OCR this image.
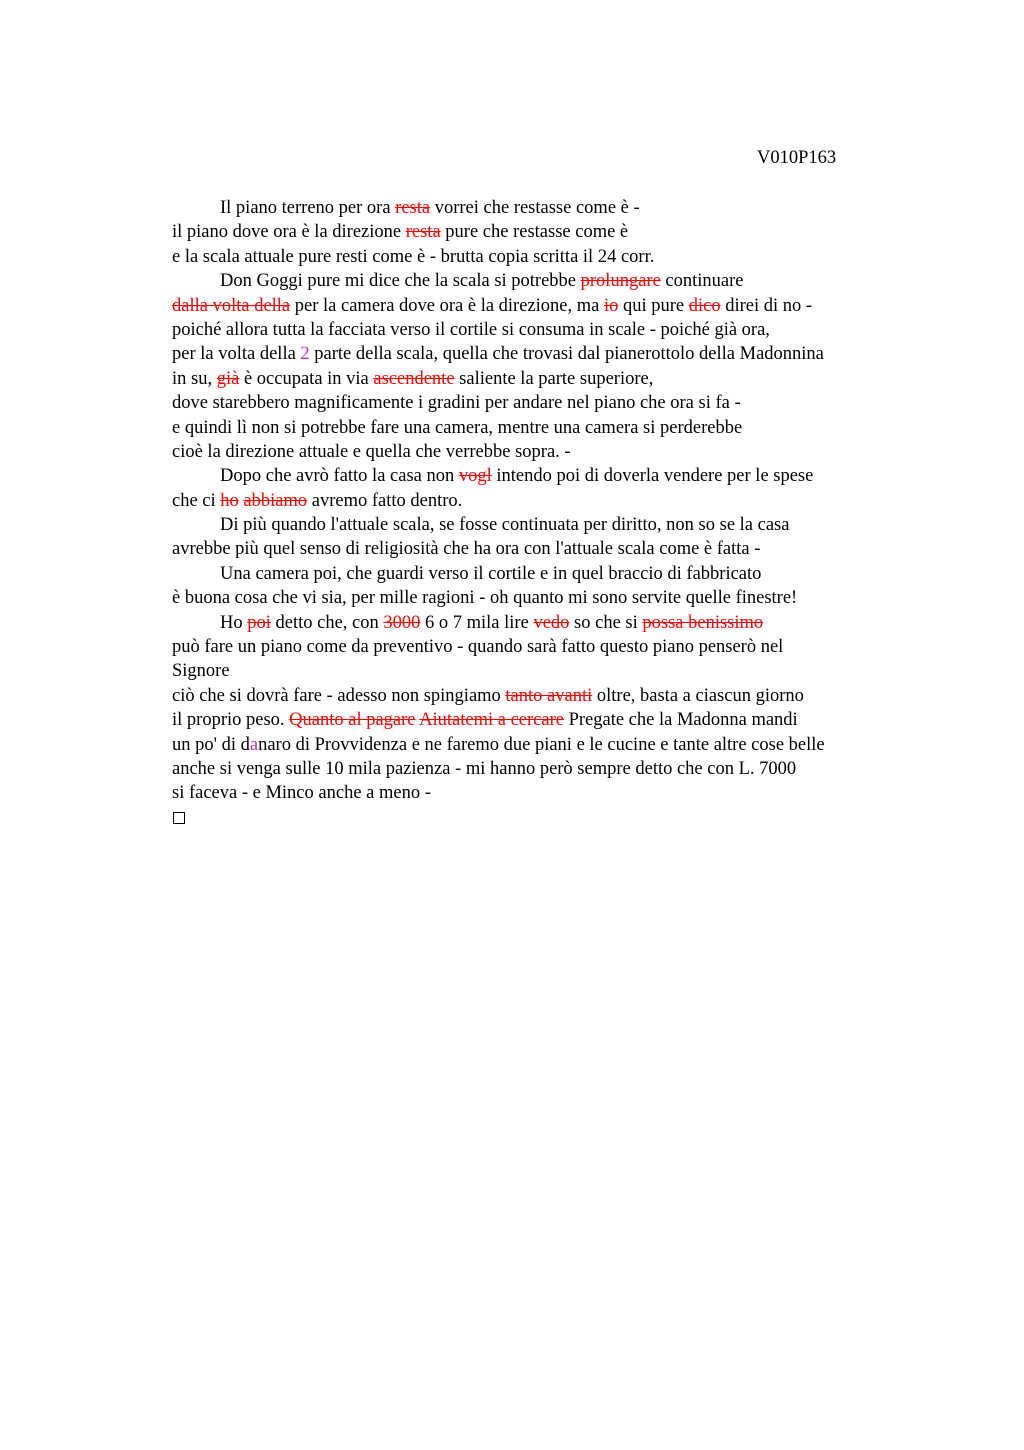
V010P163
Il piano terreno per ora resta vorrei che restasse come è -
il piano dove ora è la direzione resta pure che restasse come è
e la scala attuale pure resti come è - brutta copia scritta il 24 corr.
Don Goggi pure mi dice che la scala si potrebbe prolungare continuare
dalla volta della per la camera dove ora è la direzione, ma io qui pure dico direi di no -
poiché allora tutta la facciata verso il cortile si consuma in scale - poiché già ora,
per la volta della 2 parte della scala, quella che trovasi dal pianerottolo della Madonnina
in su, già è occupata in via ascendente saliente la parte superiore,
dove starebbero magnificamente i gradini per andare nel piano che ora si fa -
e quindi lì non si potrebbe fare una camera, mentre una camera si perderebbe
cioè la direzione attuale e quella che verrebbe sopra. -
Dopo che avrò fatto la casa non vogl intendo poi di doverla vendere per le spese
che ci ho abbiamo avremo fatto dentro.
Di più quando l'attuale scala, se fosse continuata per diritto, non so se la casa
avrebbe più quel senso di religiosità che ha ora con l'attuale scala come è fatta -
Una camera poi, che guardi verso il cortile e in quel braccio di fabbricato
è buona cosa che vi sia, per mille ragioni - oh quanto mi sono servite quelle finestre!
Ho poi detto che, con 3000 6 o 7 mila lire vedo so che si possa benissimo
può fare un piano come da preventivo - quando sarà fatto questo piano penserò nel
Signore
ciò che si dovrà fare - adesso non spingiamo tanto avanti oltre, basta a ciascun giorno
il proprio peso. Quanto al pagare Aiutatemi a cercare Pregate che la Madonna mandi
un po' di danaro di Provvidenza e ne faremo due piani e le cucine e tante altre cose belle
anche si venga sulle 10 mila pazienza - mi hanno però sempre detto che con L. 7000
si faceva - e Minco anche a meno -
